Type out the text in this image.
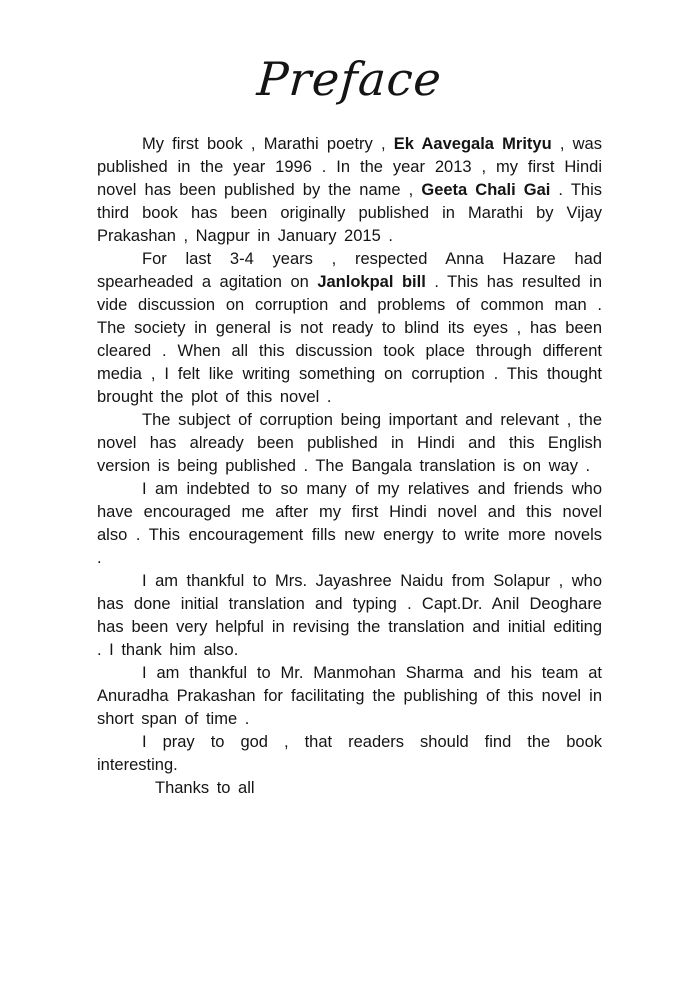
Preface

My first book , Marathi poetry , Ek Aavegala Mrityu , was published in the year 1996 . In the year 2013 , my first Hindi novel has been published by the name , Geeta Chali Gai . This third book has been originally published in Marathi by Vijay Prakashan , Nagpur in January 2015 .

For last 3-4 years , respected Anna Hazare had spearheaded a agitation on Janlokpal bill . This has resulted in vide discussion on corruption and problems of common man . The society in general is not ready to blind its eyes , has been cleared . When all this discussion took place through different media , I felt like writing something on corruption . This thought brought the plot of this novel .

The subject of corruption being important and relevant , the novel has already been published in Hindi and this English version is being published . The Bangala translation is on way .

I am indebted to so many of my relatives and friends who have encouraged me after my first Hindi novel and this novel also . This encouragement fills new energy to write more novels .

I am thankful to Mrs. Jayashree Naidu from Solapur , who has done initial translation and typing . Capt.Dr. Anil Deoghare has been very helpful in revising the translation and initial editing . I thank him also.

I am thankful to Mr. Manmohan Sharma and his team at Anuradha Prakashan for facilitating the publishing of this novel in short span of time .

I pray to god , that readers should find the book interesting.

Thanks to all
